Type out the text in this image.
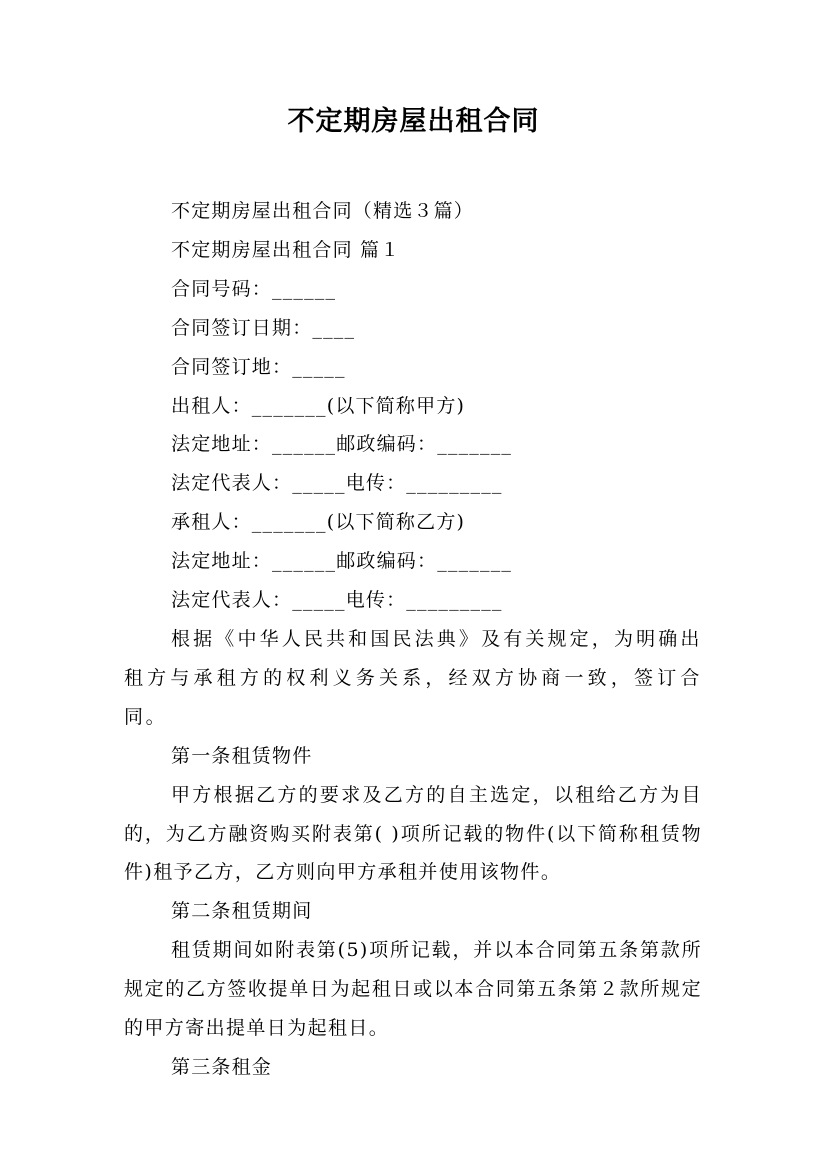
不定期房屋出租合同

不定期房屋出租合同（精选３篇）

不定期房屋出租合同 篇１

合同号码：______

合同签订日期：____

合同签订地：_____

出租人：_______(以下简称甲方)

法定地址：______邮政编码：_______

法定代表人：_____电传：_________

承租人：_______(以下简称乙方)

法定地址：______邮政编码：_______

法定代表人：_____电传：_________

根据《中华人民共和国民法典》及有关规定，为明确出租方与承租方的权利义务关系，经双方协商一致，签订合同。

第一条租赁物件

甲方根据乙方的要求及乙方的自主选定，以租给乙方为目的，为乙方融资购买附表第( )项所记载的物件(以下简称租赁物件)租予乙方，乙方则向甲方承租并使用该物件。

第二条租赁期间

租赁期间如附表第(5)项所记载，并以本合同第五条第款所规定的乙方签收提单日为起租日或以本合同第五条第２款所规定的甲方寄出提单日为起租日。

第三条租金
